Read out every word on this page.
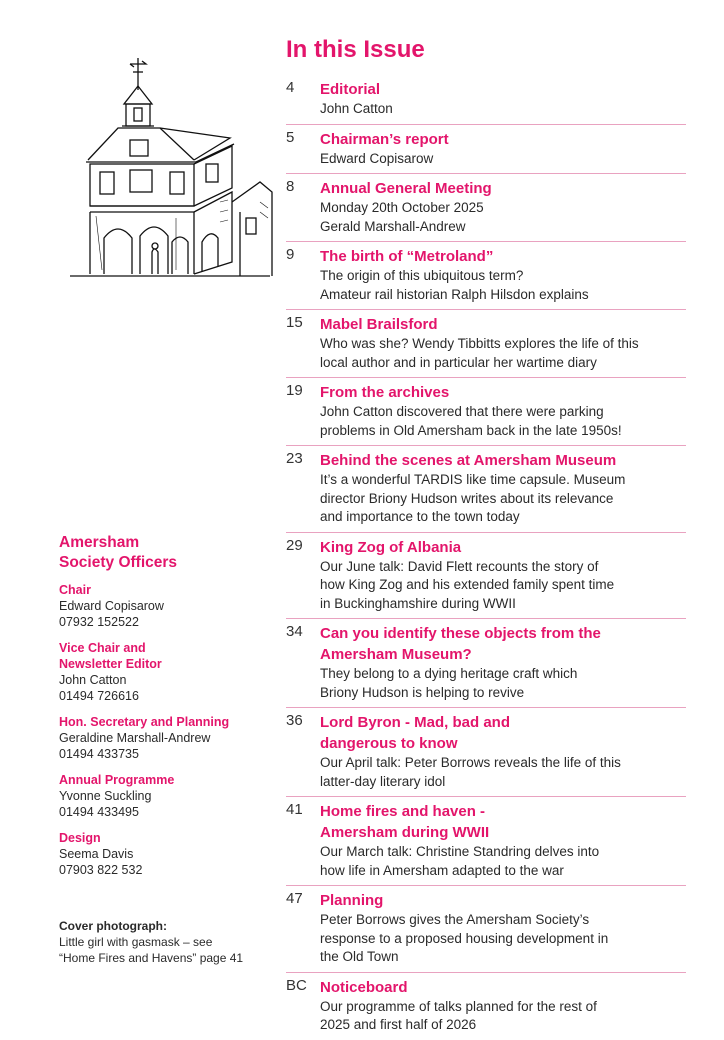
Amersham
Society Officers
Chair
Edward Copisarow
07932 152522
Vice Chair and
Newsletter Editor
John Catton
01494 726616
Hon. Secretary and Planning
Geraldine Marshall-Andrew
01494 433735
Annual Programme
Yvonne Suckling
01494 433495
Design
Seema Davis
07903 822 532
Cover photograph:
Little girl with gasmask – see
“Home Fires and Havens” page 41
In this Issue
4 Editorial
John Catton
5 Chairman’s report
Edward Copisarow
8 Annual General Meeting
Monday 20th October 2025
Gerald Marshall-Andrew
9 The birth of “Metroland”
The origin of this ubiquitous term?
Amateur rail historian Ralph Hilsdon explains
15 Mabel Brailsford
Who was she? Wendy Tibbitts explores the life of this
local author and in particular her wartime diary
19 From the archives
John Catton discovered that there were parking
problems in Old Amersham back in the late 1950s!
23 Behind the scenes at Amersham Museum
It’s a wonderful TARDIS like time capsule. Museum
director Briony Hudson writes about its relevance
and importance to the town today
29 King Zog of Albania
Our June talk: David Flett recounts the story of
how King Zog and his extended family spent time
in Buckinghamshire during WWII
34 Can you identify these objects from the
Amersham Museum?
They belong to a dying heritage craft which
Briony Hudson is helping to revive
36 Lord Byron - Mad, bad and
dangerous to know
Our April talk: Peter Borrows reveals the life of this
latter-day literary idol
41 Home fires and haven -
Amersham during WWII
Our March talk: Christine Standring delves into
how life in Amersham adapted to the war
47 Planning
Peter Borrows gives the Amersham Society’s
response to a proposed housing development in
the Old Town
BC Noticeboard
Our programme of talks planned for the rest of
2025 and first half of 2026
